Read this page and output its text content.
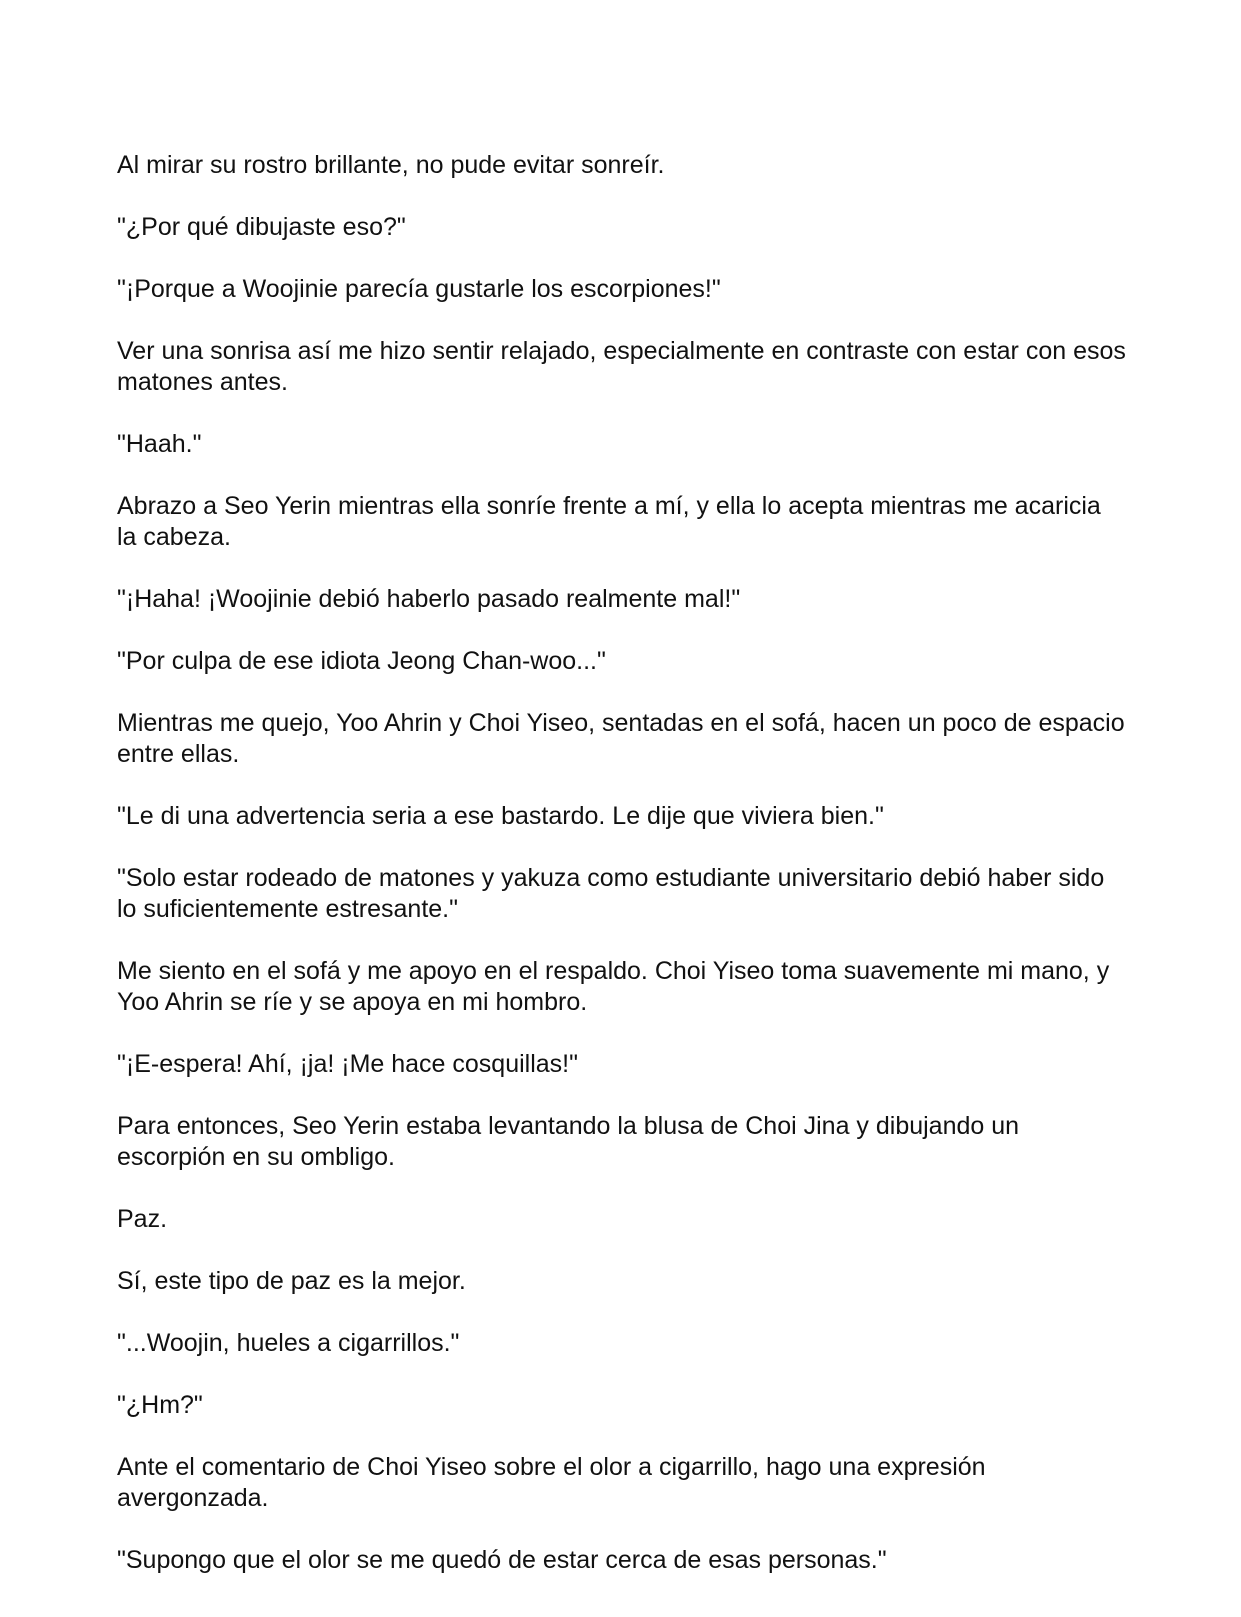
Al mirar su rostro brillante, no pude evitar sonreír.

"¿Por qué dibujaste eso?"

"¡Porque a Woojinie parecía gustarle los escorpiones!"

Ver una sonrisa así me hizo sentir relajado, especialmente en contraste con estar con esos matones antes.

"Haah."

Abrazo a Seo Yerin mientras ella sonríe frente a mí, y ella lo acepta mientras me acaricia la cabeza.

"¡Haha! ¡Woojinie debió haberlo pasado realmente mal!"

"Por culpa de ese idiota Jeong Chan-woo..."

Mientras me quejo, Yoo Ahrin y Choi Yiseo, sentadas en el sofá, hacen un poco de espacio entre ellas.

"Le di una advertencia seria a ese bastardo. Le dije que viviera bien."

"Solo estar rodeado de matones y yakuza como estudiante universitario debió haber sido lo suficientemente estresante."

Me siento en el sofá y me apoyo en el respaldo. Choi Yiseo toma suavemente mi mano, y Yoo Ahrin se ríe y se apoya en mi hombro.

"¡E-espera! Ahí, ¡ja! ¡Me hace cosquillas!"

Para entonces, Seo Yerin estaba levantando la blusa de Choi Jina y dibujando un escorpión en su ombligo.

Paz.

Sí, este tipo de paz es la mejor.

"...Woojin, hueles a cigarrillos."

"¿Hm?"

Ante el comentario de Choi Yiseo sobre el olor a cigarrillo, hago una expresión avergonzada.

"Supongo que el olor se me quedó de estar cerca de esas personas."
